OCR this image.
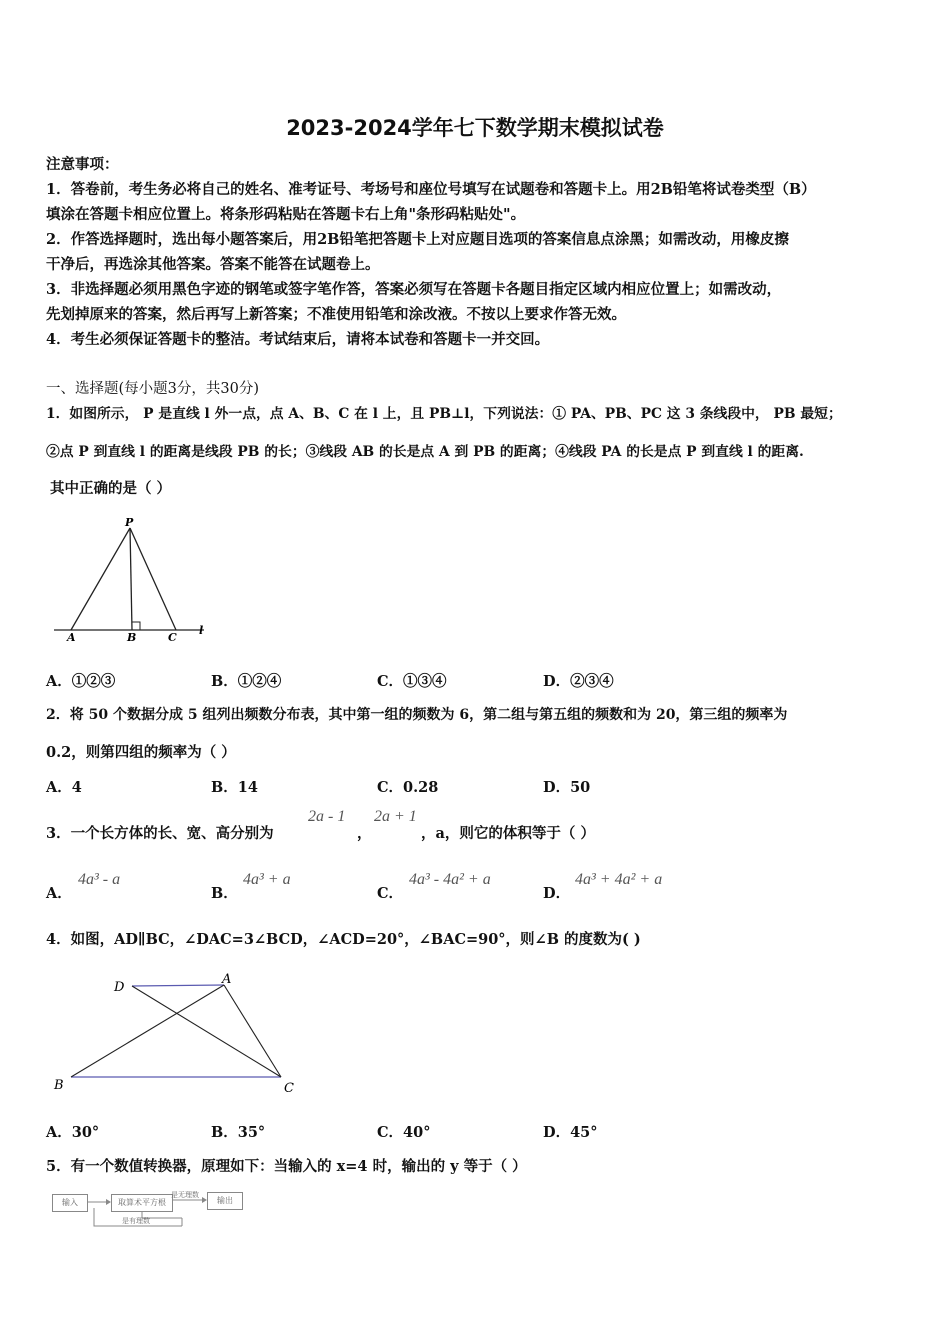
2023-2024学年七下数学期末模拟试卷
注意事项：
1．答卷前，考生务必将自己的姓名、准考证号、考场号和座位号填写在试题卷和答题卡上。用2B铅笔将试卷类型（B）
填涂在答题卡相应位置上。将条形码粘贴在答题卡右上角"条形码粘贴处"。
2．作答选择题时，选出每小题答案后，用2B铅笔把答题卡上对应题目选项的答案信息点涂黑；如需改动，用橡皮擦
干净后，再选涂其他答案。答案不能答在试题卷上。
3．非选择题必须用黑色字迹的钢笔或签字笔作答，答案必须写在答题卡各题目指定区域内相应位置上；如需改动，
先划掉原来的答案，然后再写上新答案；不准使用铅笔和涂改液。不按以上要求作答无效。
4．考生必须保证答题卡的整洁。考试结束后，请将本试卷和答题卡一并交回。
一、选择题(每小题3分，共30分)
1．如图所示， P 是直线 l 外一点，点 A、B、C 在 l 上，且 PB⊥l，下列说法：① PA、PB、PC 这 3 条线段中， PB 最短；
②点 P 到直线 l 的距离是线段 PB 的长；③线段 AB 的长是点 A 到 PB 的距离；④线段 PA 的长是点 P 到直线 l 的距离.
其中正确的是（ ）
P
A	B	C
l
A．①②③	B．①②④	C．①③④	D．②③④
2．将 50 个数据分成 5 组列出频数分布表，其中第一组的频数为 6，第二组与第五组的频数和为 20，第三组的频率为
0.2，则第四组的频率为（ ）
A．4	B．14	C．0.28	D．50
3．一个长方体的长、宽、高分别为
2a - 1
，
2a + 1
，a，则它的体积等于（ ）
A．
4a³ - a
B．
4a³ + a
C．
4a³ - 4a² + a
D．
4a³ + 4a² + a
4．如图，AD∥BC，∠DAC=3∠BCD，∠ACD=20°，∠BAC=90°，则∠B 的度数为( )
D
A
B	C
A．30°	B．35°	C．40°	D．45°
5．有一个数值转换器，原理如下：当输入的 x=4 时，输出的 y 等于（ ）
输入	取算术平方根
是无理数
输出
是有理数
